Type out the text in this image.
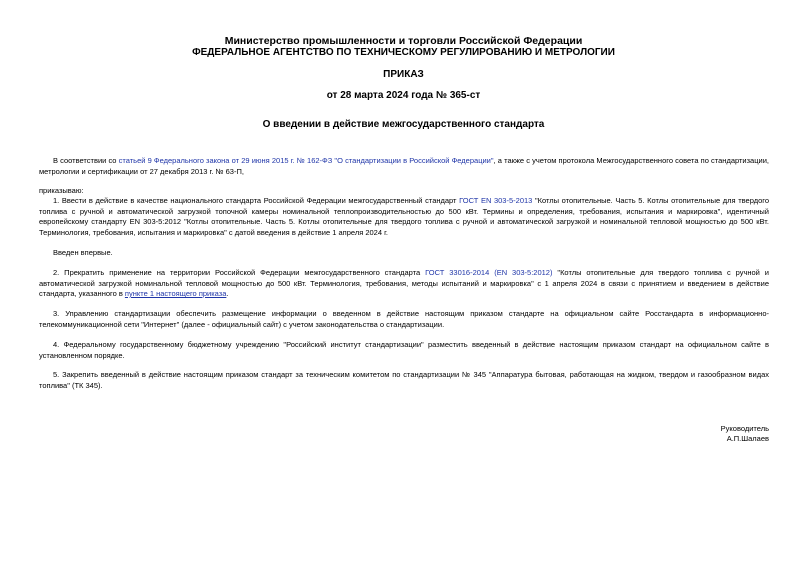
Министерство промышленности и торговли Российской Федерации
ФЕДЕРАЛЬНОЕ АГЕНТСТВО ПО ТЕХНИЧЕСКОМУ РЕГУЛИРОВАНИЮ И МЕТРОЛОГИИ
ПРИКАЗ
от 28 марта 2024 года № 365-ст
О введении в действие межгосударственного стандарта
В соответствии со статьей 9 Федерального закона от 29 июня 2015 г. № 162-ФЗ "О стандартизации в Российской Федерации", а также с учетом протокола Межгосударственного совета по стандартизации, метрологии и сертификации от 27 декабря 2013 г. № 63-П,
приказываю:
1. Ввести в действие в качестве национального стандарта Российской Федерации межгосударственный стандарт ГОСТ EN 303-5-2013 "Котлы отопительные. Часть 5. Котлы отопительные для твердого топлива с ручной и автоматической загрузкой топочной камеры номинальной теплопроизводительностью до 500 кВт. Термины и определения, требования, испытания и маркировка", идентичный европейскому стандарту EN 303-5:2012 "Котлы отопительные. Часть 5. Котлы отопительные для твердого топлива с ручной и автоматической загрузкой и номинальной тепловой мощностью до 500 кВт. Терминология, требования, испытания и маркировка" с датой введения в действие 1 апреля 2024 г.
Введен впервые.
2. Прекратить применение на территории Российской Федерации межгосударственного стандарта ГОСТ 33016-2014 (EN 303-5:2012) "Котлы отопительные для твердого топлива с ручной и автоматической загрузкой номинальной тепловой мощностью до 500 кВт. Терминология, требования, методы испытаний и маркировка" с 1 апреля 2024 в связи с принятием и введением в действие стандарта, указанного в пункте 1 настоящего приказа.
3. Управлению стандартизации обеспечить размещение информации о введенном в действие настоящим приказом стандарте на официальном сайте Росстандарта в информационно-телекоммуникационной сети "Интернет" (далее - официальный сайт) с учетом законодательства о стандартизации.
4. Федеральному государственному бюджетному учреждению "Российский институт стандартизации" разместить введенный в действие настоящим приказом стандарт на официальном сайте в установленном порядке.
5. Закрепить введенный в действие настоящим приказом стандарт за техническим комитетом по стандартизации № 345 "Аппаратура бытовая, работающая на жидком, твердом и газообразном видах топлива" (ТК 345).
Руководитель
А.П.Шалаев
